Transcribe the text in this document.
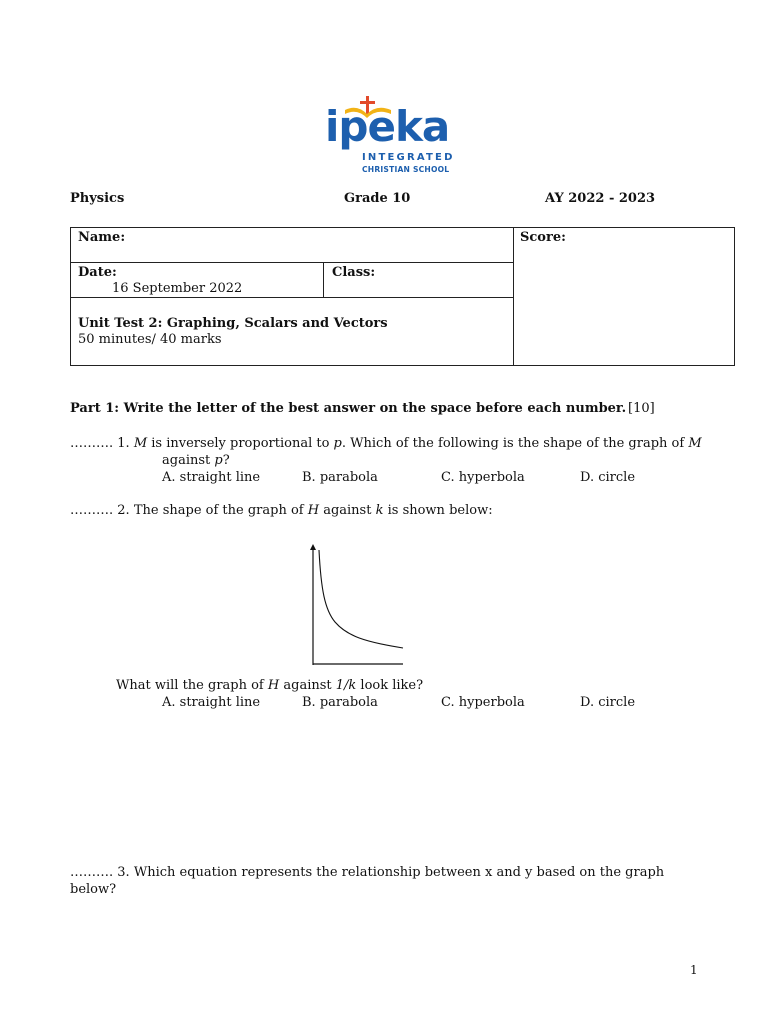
ipeka
INTEGRATED
CHRISTIAN SCHOOL
Physics	Grade 10	AY 2022 - 2023
Name:	Score:
Date:
16 September 2022
Class:
Unit Test 2: Graphing, Scalars and Vectors
50 minutes/ 40 marks
Part 1: Write the letter of the best answer on the space before each number. [10]
………. 1. M is inversely proportional to p. Which of the following is the shape of the graph of M
against p?
A. straight line	B. parabola	C. hyperbola	D. circle
………. 2. The shape of the graph of H against k is shown below:
What will the graph of H against 1/k look like?
A. straight line	B. parabola	C. hyperbola	D. circle
………. 3. Which equation represents the relationship between x and y based on the graph
below?
1
